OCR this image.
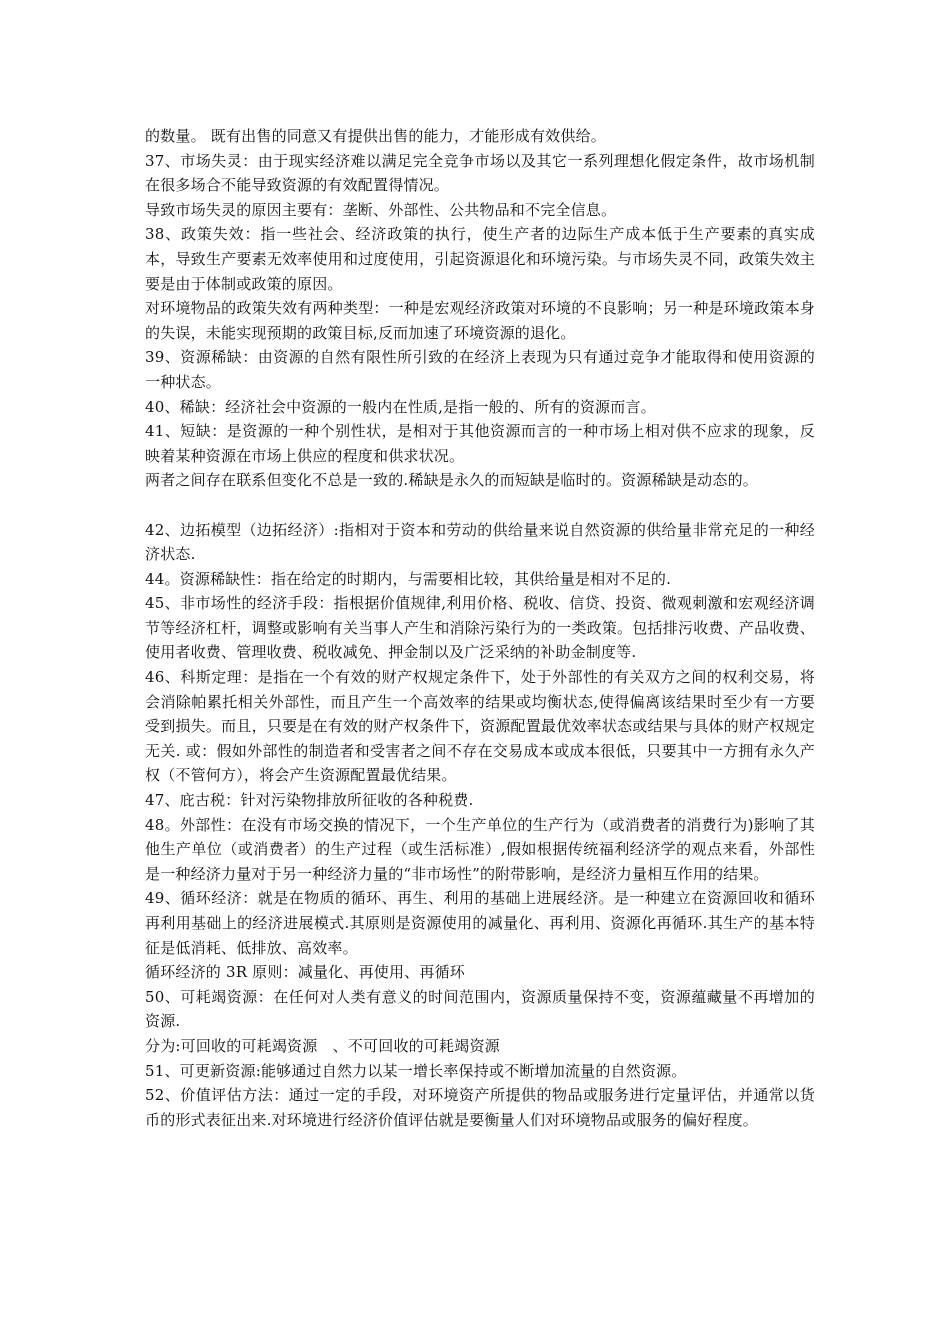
的数量。 既有出售的同意又有提供出售的能力，才能形成有效供给。

37、市场失灵：由于现实经济难以满足完全竞争市场以及其它一系列理想化假定条件，故市场机制在很多场合不能导致资源的有效配置得情况。

导致市场失灵的原因主要有：垄断、外部性、公共物品和不完全信息。

38、政策失效：指一些社会、经济政策的执行，使生产者的边际生产成本低于生产要素的真实成本，导致生产要素无效率使用和过度使用，引起资源退化和环境污染。与市场失灵不同，政策失效主要是由于体制或政策的原因。

对环境物品的政策失效有两种类型：一种是宏观经济政策对环境的不良影响；另一种是环境政策本身的失误，未能实现预期的政策目标,反而加速了环境资源的退化。

39、资源稀缺：由资源的自然有限性所引致的在经济上表现为只有通过竞争才能取得和使用资源的一种状态。

40、稀缺：经济社会中资源的一般内在性质,是指一般的、所有的资源而言。

41、短缺：是资源的一种个别性状，是相对于其他资源而言的一种市场上相对供不应求的现象，反映着某种资源在市场上供应的程度和供求状况。

两者之间存在联系但变化不总是一致的.稀缺是永久的而短缺是临时的。资源稀缺是动态的。

42、边拓模型（边拓经济）:指相对于资本和劳动的供给量来说自然资源的供给量非常充足的一种经济状态.

44。资源稀缺性：指在给定的时期内，与需要相比较，其供给量是相对不足的.

45、非市场性的经济手段：指根据价值规律,利用价格、税收、信贷、投资、微观刺激和宏观经济调节等经济杠杆，调整或影响有关当事人产生和消除污染行为的一类政策。包括排污收费、产品收费、使用者收费、管理收费、税收减免、押金制以及广泛采纳的补助金制度等.

46、科斯定理：是指在一个有效的财产权规定条件下，处于外部性的有关双方之间的权利交易，将会消除帕累托相关外部性，而且产生一个高效率的结果或均衡状态,使得偏离该结果时至少有一方要受到损失。而且，只要是在有效的财产权条件下，资源配置最优效率状态或结果与具体的财产权规定无关. 或：假如外部性的制造者和受害者之间不存在交易成本或成本很低，只要其中一方拥有永久产权（不管何方），将会产生资源配置最优结果。

47、庇古税：针对污染物排放所征收的各种税费.

48。外部性：在没有市场交换的情况下，一个生产单位的生产行为（或消费者的消费行为)影响了其他生产单位（或消费者）的生产过程（或生活标准）,假如根据传统福利经济学的观点来看，外部性是一种经济力量对于另一种经济力量的“非市场性”的附带影响，是经济力量相互作用的结果。

49、循环经济：就是在物质的循环、再生、利用的基础上进展经济。是一种建立在资源回收和循环再利用基础上的经济进展模式.其原则是资源使用的减量化、再利用、资源化再循环.其生产的基本特征是低消耗、低排放、高效率。

循环经济的 3R 原则：减量化、再使用、再循环

50、可耗竭资源：在任何对人类有意义的时间范围内，资源质量保持不变，资源蕴藏量不再增加的资源.

分为:可回收的可耗竭资源　、不可回收的可耗竭资源

51、可更新资源:能够通过自然力以某一增长率保持或不断增加流量的自然资源。

52、价值评估方法：通过一定的手段，对环境资产所提供的物品或服务进行定量评估，并通常以货币的形式表征出来.对环境进行经济价值评估就是要衡量人们对环境物品或服务的偏好程度。
